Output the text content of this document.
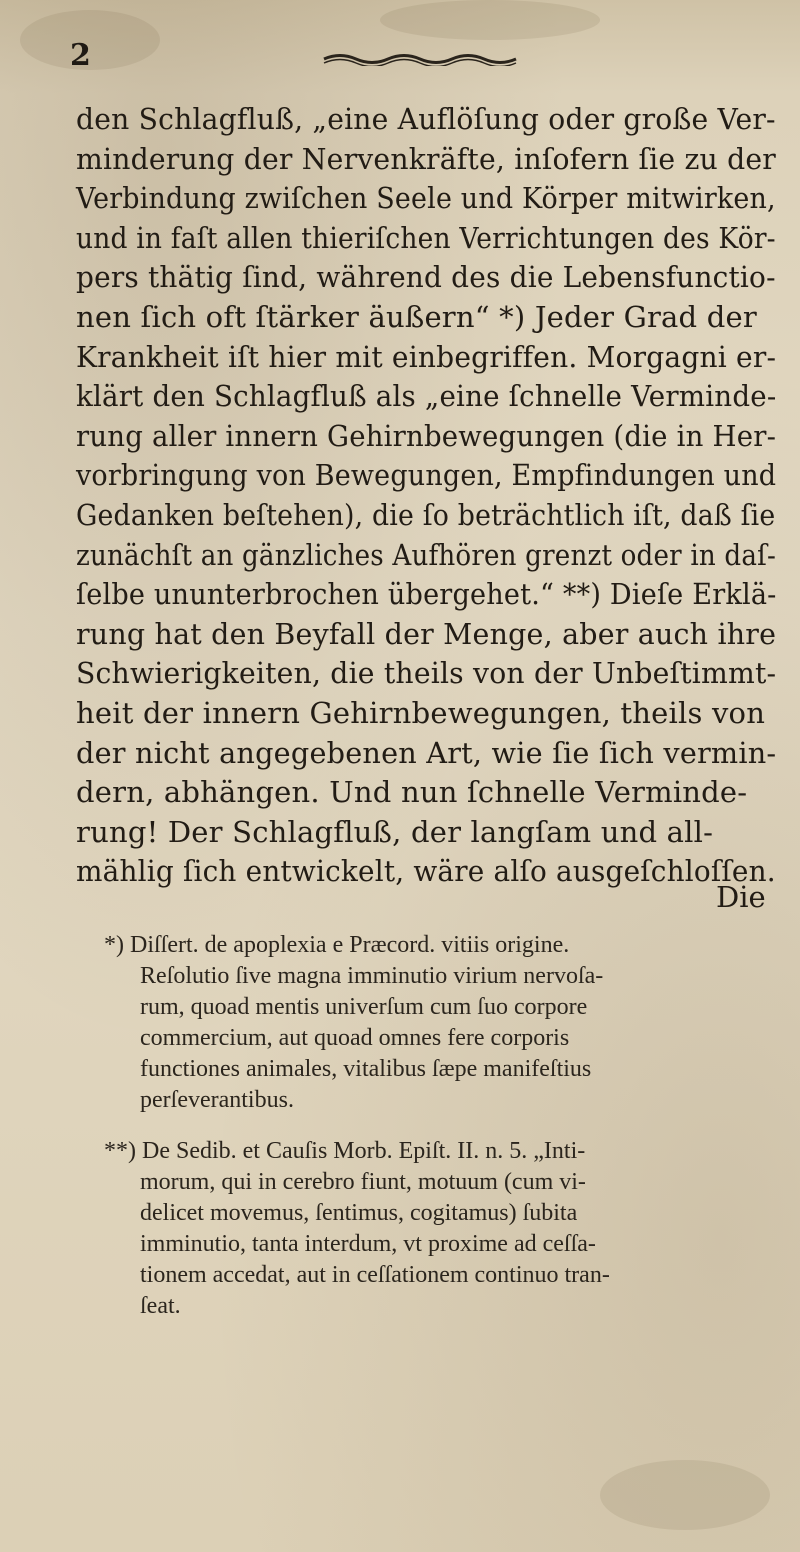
2
den Schlagfluß, „eine Auflöſung oder große Ver-
minderung der Nervenkräfte, inſofern ſie zu der
Verbindung zwiſchen Seele und Körper mitwirken,
und in faſt allen thieriſchen Verrichtungen des Kör-
pers thätig ſind, während des die Lebensfunctio-
nen ſich oft ſtärker äußern“ *) Jeder Grad der
Krankheit iſt hier mit einbegriffen. Morgagni er-
klärt den Schlagfluß als „eine ſchnelle Verminde-
rung aller innern Gehirnbewegungen (die in Her-
vorbringung von Bewegungen, Empfindungen und
Gedanken beſtehen), die ſo beträchtlich iſt, daß ſie
zunächſt an gänzliches Aufhören grenzt oder in daſ-
ſelbe ununterbrochen übergehet.“ **) Dieſe Erklä-
rung hat den Beyfall der Menge, aber auch ihre
Schwierigkeiten, die theils von der Unbeſtimmt-
heit der innern Gehirnbewegungen, theils von
der nicht angegebenen Art, wie ſie ſich vermin-
dern, abhängen. Und nun ſchnelle Verminde-
rung! Der Schlagfluß, der langſam und all-
mählig ſich entwickelt, wäre alſo ausgeſchloſſen.
Die
*) Diſſert. de apoplexia e Præcord. vitiis origine.
Reſolutio ſive magna imminutio virium nervoſa-
rum, quoad mentis univerſum cum ſuo corpore
commercium, aut quoad omnes fere corporis
functiones animales, vitalibus ſæpe manifeſtius
perſeverantibus.
**) De Sedib. et Cauſis Morb. Epiſt. II. n. 5. „Inti-
morum, qui in cerebro fiunt, motuum (cum vi-
delicet movemus, ſentimus, cogitamus) ſubita
imminutio, tanta interdum, vt proxime ad ceſſa-
tionem accedat, aut in ceſſationem continuo tran-
ſeat.
